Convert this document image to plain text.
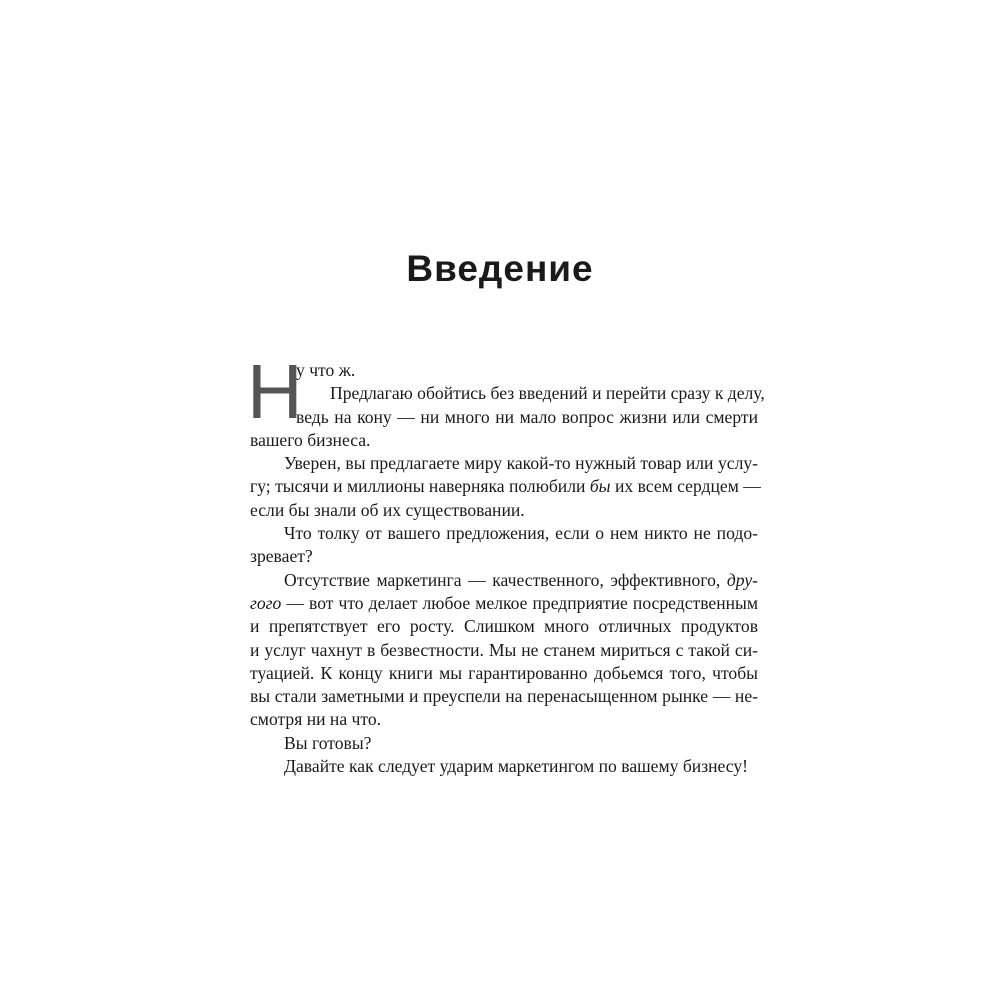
Введение
Н
у что ж.
Предлагаю обойтись без введений и перейти сразу к делу,
ведь на кону — ни много ни мало вопрос жизни или смерти
вашего бизнеса.
Уверен, вы предлагаете миру какой-то нужный товар или услу-
гу; тысячи и миллионы наверняка полюбили бы их всем сердцем —
если бы знали об их существовании.
Что толку от вашего предложения, если о нем никто не подо-
зревает?
Отсутствие маркетинга — качественного, эффективного, дру-
гого — вот что делает любое мелкое предприятие посредственным
и препятствует его росту. Слишком много отличных продуктов
и услуг чахнут в безвестности. Мы не станем мириться с такой си-
туацией. К концу книги мы гарантированно добьемся того, чтобы
вы стали заметными и преуспели на перенасыщенном рынке — не-
смотря ни на что.
Вы готовы?
Давайте как следует ударим маркетингом по вашему бизнесу!
